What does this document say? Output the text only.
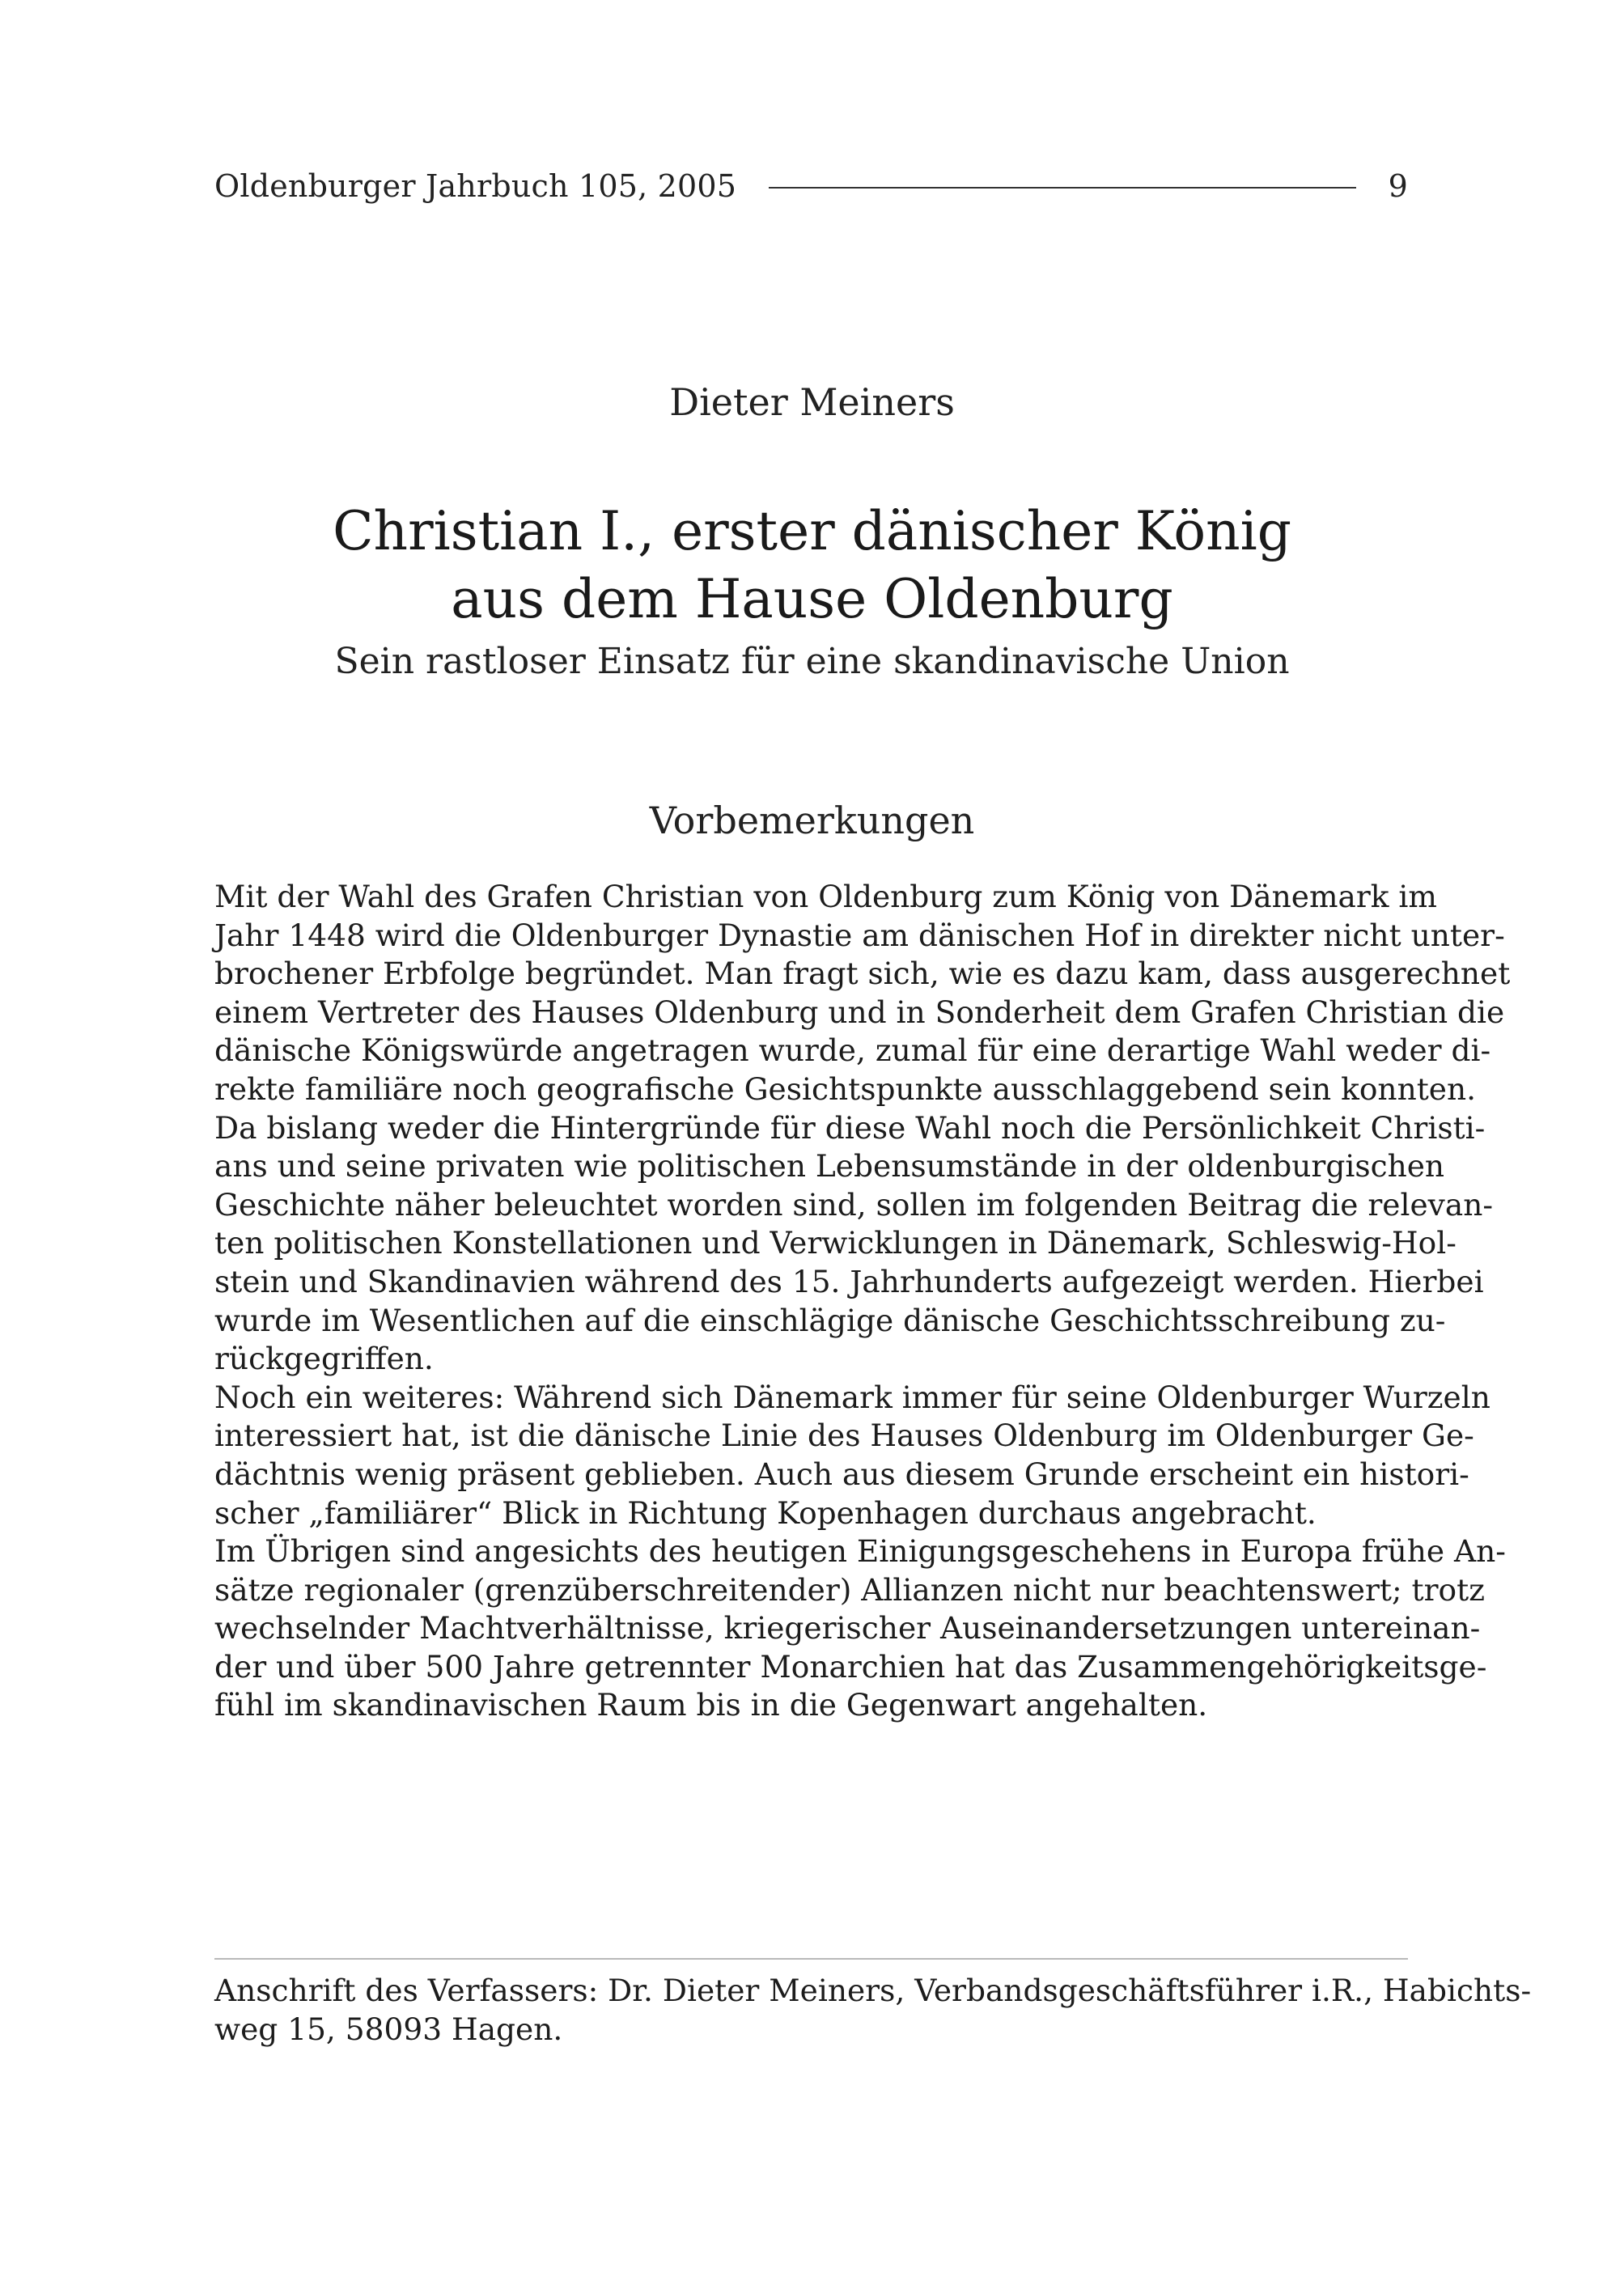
Oldenburger Jahrbuch 105, 2005	9
Dieter Meiners
Christian I., erster dänischer König
aus dem Hause Oldenburg
Sein rastloser Einsatz für eine skandinavische Union
Vorbemerkungen
Mit der Wahl des Grafen Christian von Oldenburg zum König von Dänemark im
Jahr 1448 wird die Oldenburger Dynastie am dänischen Hof in direkter nicht unter-
brochener Erbfolge begründet. Man fragt sich, wie es dazu kam, dass ausgerechnet
einem Vertreter des Hauses Oldenburg und in Sonderheit dem Grafen Christian die
dänische Königswürde angetragen wurde, zumal für eine derartige Wahl weder di-
rekte familiäre noch geografische Gesichtspunkte ausschlaggebend sein konnten.
Da bislang weder die Hintergründe für diese Wahl noch die Persönlichkeit Christi-
ans und seine privaten wie politischen Lebensumstände in der oldenburgischen
Geschichte näher beleuchtet worden sind, sollen im folgenden Beitrag die relevan-
ten politischen Konstellationen und Verwicklungen in Dänemark, Schleswig-Hol-
stein und Skandinavien während des 15. Jahrhunderts aufgezeigt werden. Hierbei
wurde im Wesentlichen auf die einschlägige dänische Geschichtsschreibung zu-
rückgegriffen.
Noch ein weiteres: Während sich Dänemark immer für seine Oldenburger Wurzeln
interessiert hat, ist die dänische Linie des Hauses Oldenburg im Oldenburger Ge-
dächtnis wenig präsent geblieben. Auch aus diesem Grunde erscheint ein histori-
scher „familiärer“ Blick in Richtung Kopenhagen durchaus angebracht.
Im Übrigen sind angesichts des heutigen Einigungsgeschehens in Europa frühe An-
sätze regionaler (grenzüberschreitender) Allianzen nicht nur beachtenswert; trotz
wechselnder Machtverhältnisse, kriegerischer Auseinandersetzungen untereinan-
der und über 500 Jahre getrennter Monarchien hat das Zusammengehörigkeitsge-
fühl im skandinavischen Raum bis in die Gegenwart angehalten.
Anschrift des Verfassers: Dr. Dieter Meiners, Verbandsgeschäftsführer i.R., Habichts-
weg 15, 58093 Hagen.
